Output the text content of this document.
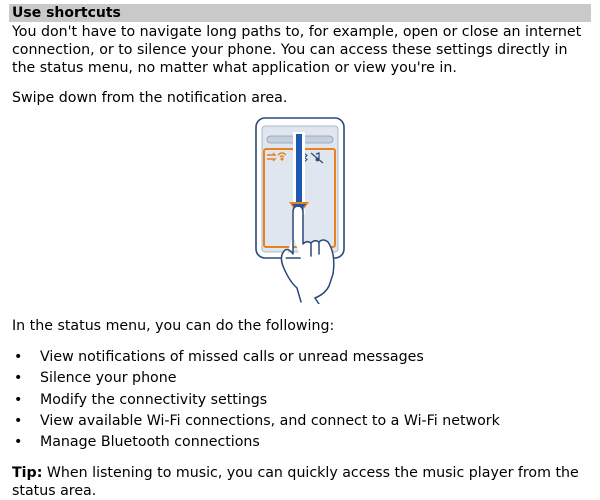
Use shortcuts

You don't have to navigate long paths to, for example, open or close an internet connection, or to silence your phone. You can access these settings directly in the status menu, no matter what application or view you're in.

Swipe down from the notification area.

In the status menu, you can do the following:

• View notifications of missed calls or unread messages
• Silence your phone
• Modify the connectivity settings
• View available Wi-Fi connections, and connect to a Wi-Fi network
• Manage Bluetooth connections

Tip: When listening to music, you can quickly access the music player from the status area.
